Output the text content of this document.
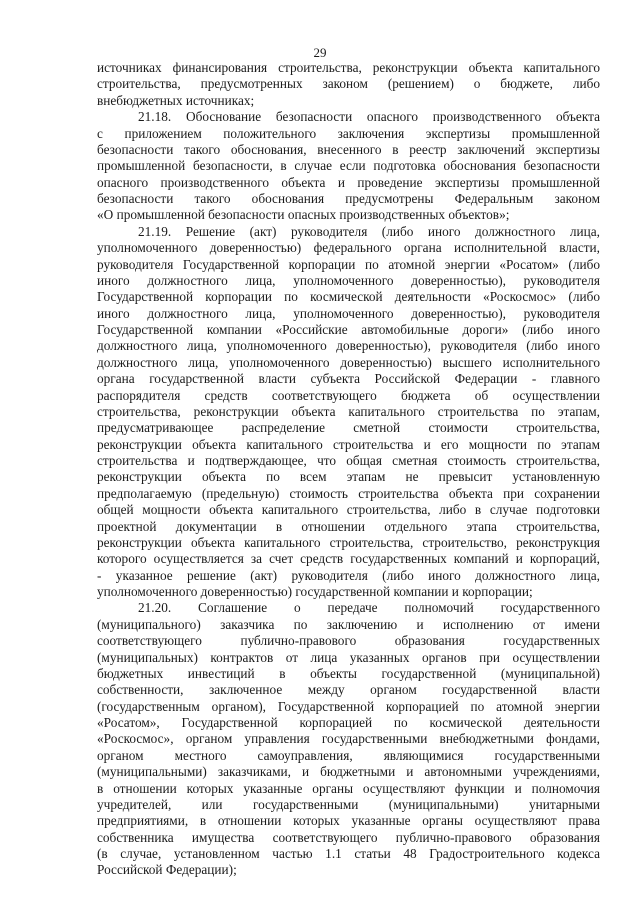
29
источниках финансирования строительства, реконструкции объекта капитального
строительства, предусмотренных законом (решением) о бюджете, либо
внебюджетных источниках;
21.18. Обоснование безопасности опасного производственного объекта
с приложением положительного заключения экспертизы промышленной
безопасности такого обоснования, внесенного в реестр заключений экспертизы
промышленной безопасности, в случае если подготовка обоснования безопасности
опасного производственного объекта и проведение экспертизы промышленной
безопасности такого обоснования предусмотрены Федеральным законом
«О промышленной безопасности опасных производственных объектов»;
21.19. Решение (акт) руководителя (либо иного должностного лица,
уполномоченного доверенностью) федерального органа исполнительной власти,
руководителя Государственной корпорации по атомной энергии «Росатом» (либо
иного должностного лица, уполномоченного доверенностью), руководителя
Государственной корпорации по космической деятельности «Роскосмос» (либо
иного должностного лица, уполномоченного доверенностью), руководителя
Государственной компании «Российские автомобильные дороги» (либо иного
должностного лица, уполномоченного доверенностью), руководителя (либо иного
должностного лица, уполномоченного доверенностью) высшего исполнительного
органа государственной власти субъекта Российской Федерации - главного
распорядителя средств соответствующего бюджета об осуществлении
строительства, реконструкции объекта капитального строительства по этапам,
предусматривающее распределение сметной стоимости строительства,
реконструкции объекта капитального строительства и его мощности по этапам
строительства и подтверждающее, что общая сметная стоимость строительства,
реконструкции объекта по всем этапам не превысит установленную
предполагаемую (предельную) стоимость строительства объекта при сохранении
общей мощности объекта капитального строительства, либо в случае подготовки
проектной документации в отношении отдельного этапа строительства,
реконструкции объекта капитального строительства, строительство, реконструкция
которого осуществляется за счет средств государственных компаний и корпораций,
- указанное решение (акт) руководителя (либо иного должностного лица,
уполномоченного доверенностью) государственной компании и корпорации;
21.20. Соглашение о передаче полномочий государственного
(муниципального) заказчика по заключению и исполнению от имени
соответствующего публично-правового образования государственных
(муниципальных) контрактов от лица указанных органов при осуществлении
бюджетных инвестиций в объекты государственной (муниципальной)
собственности, заключенное между органом государственной власти
(государственным органом), Государственной корпорацией по атомной энергии
«Росатом», Государственной корпорацией по космической деятельности
«Роскосмос», органом управления государственными внебюджетными фондами,
органом местного самоуправления, являющимися государственными
(муниципальными) заказчиками, и бюджетными и автономными учреждениями,
в отношении которых указанные органы осуществляют функции и полномочия
учредителей, или государственными (муниципальными) унитарными
предприятиями, в отношении которых указанные органы осуществляют права
собственника имущества соответствующего публично-правового образования
(в случае, установленном частью 1.1 статьи 48 Градостроительного кодекса
Российской Федерации);
